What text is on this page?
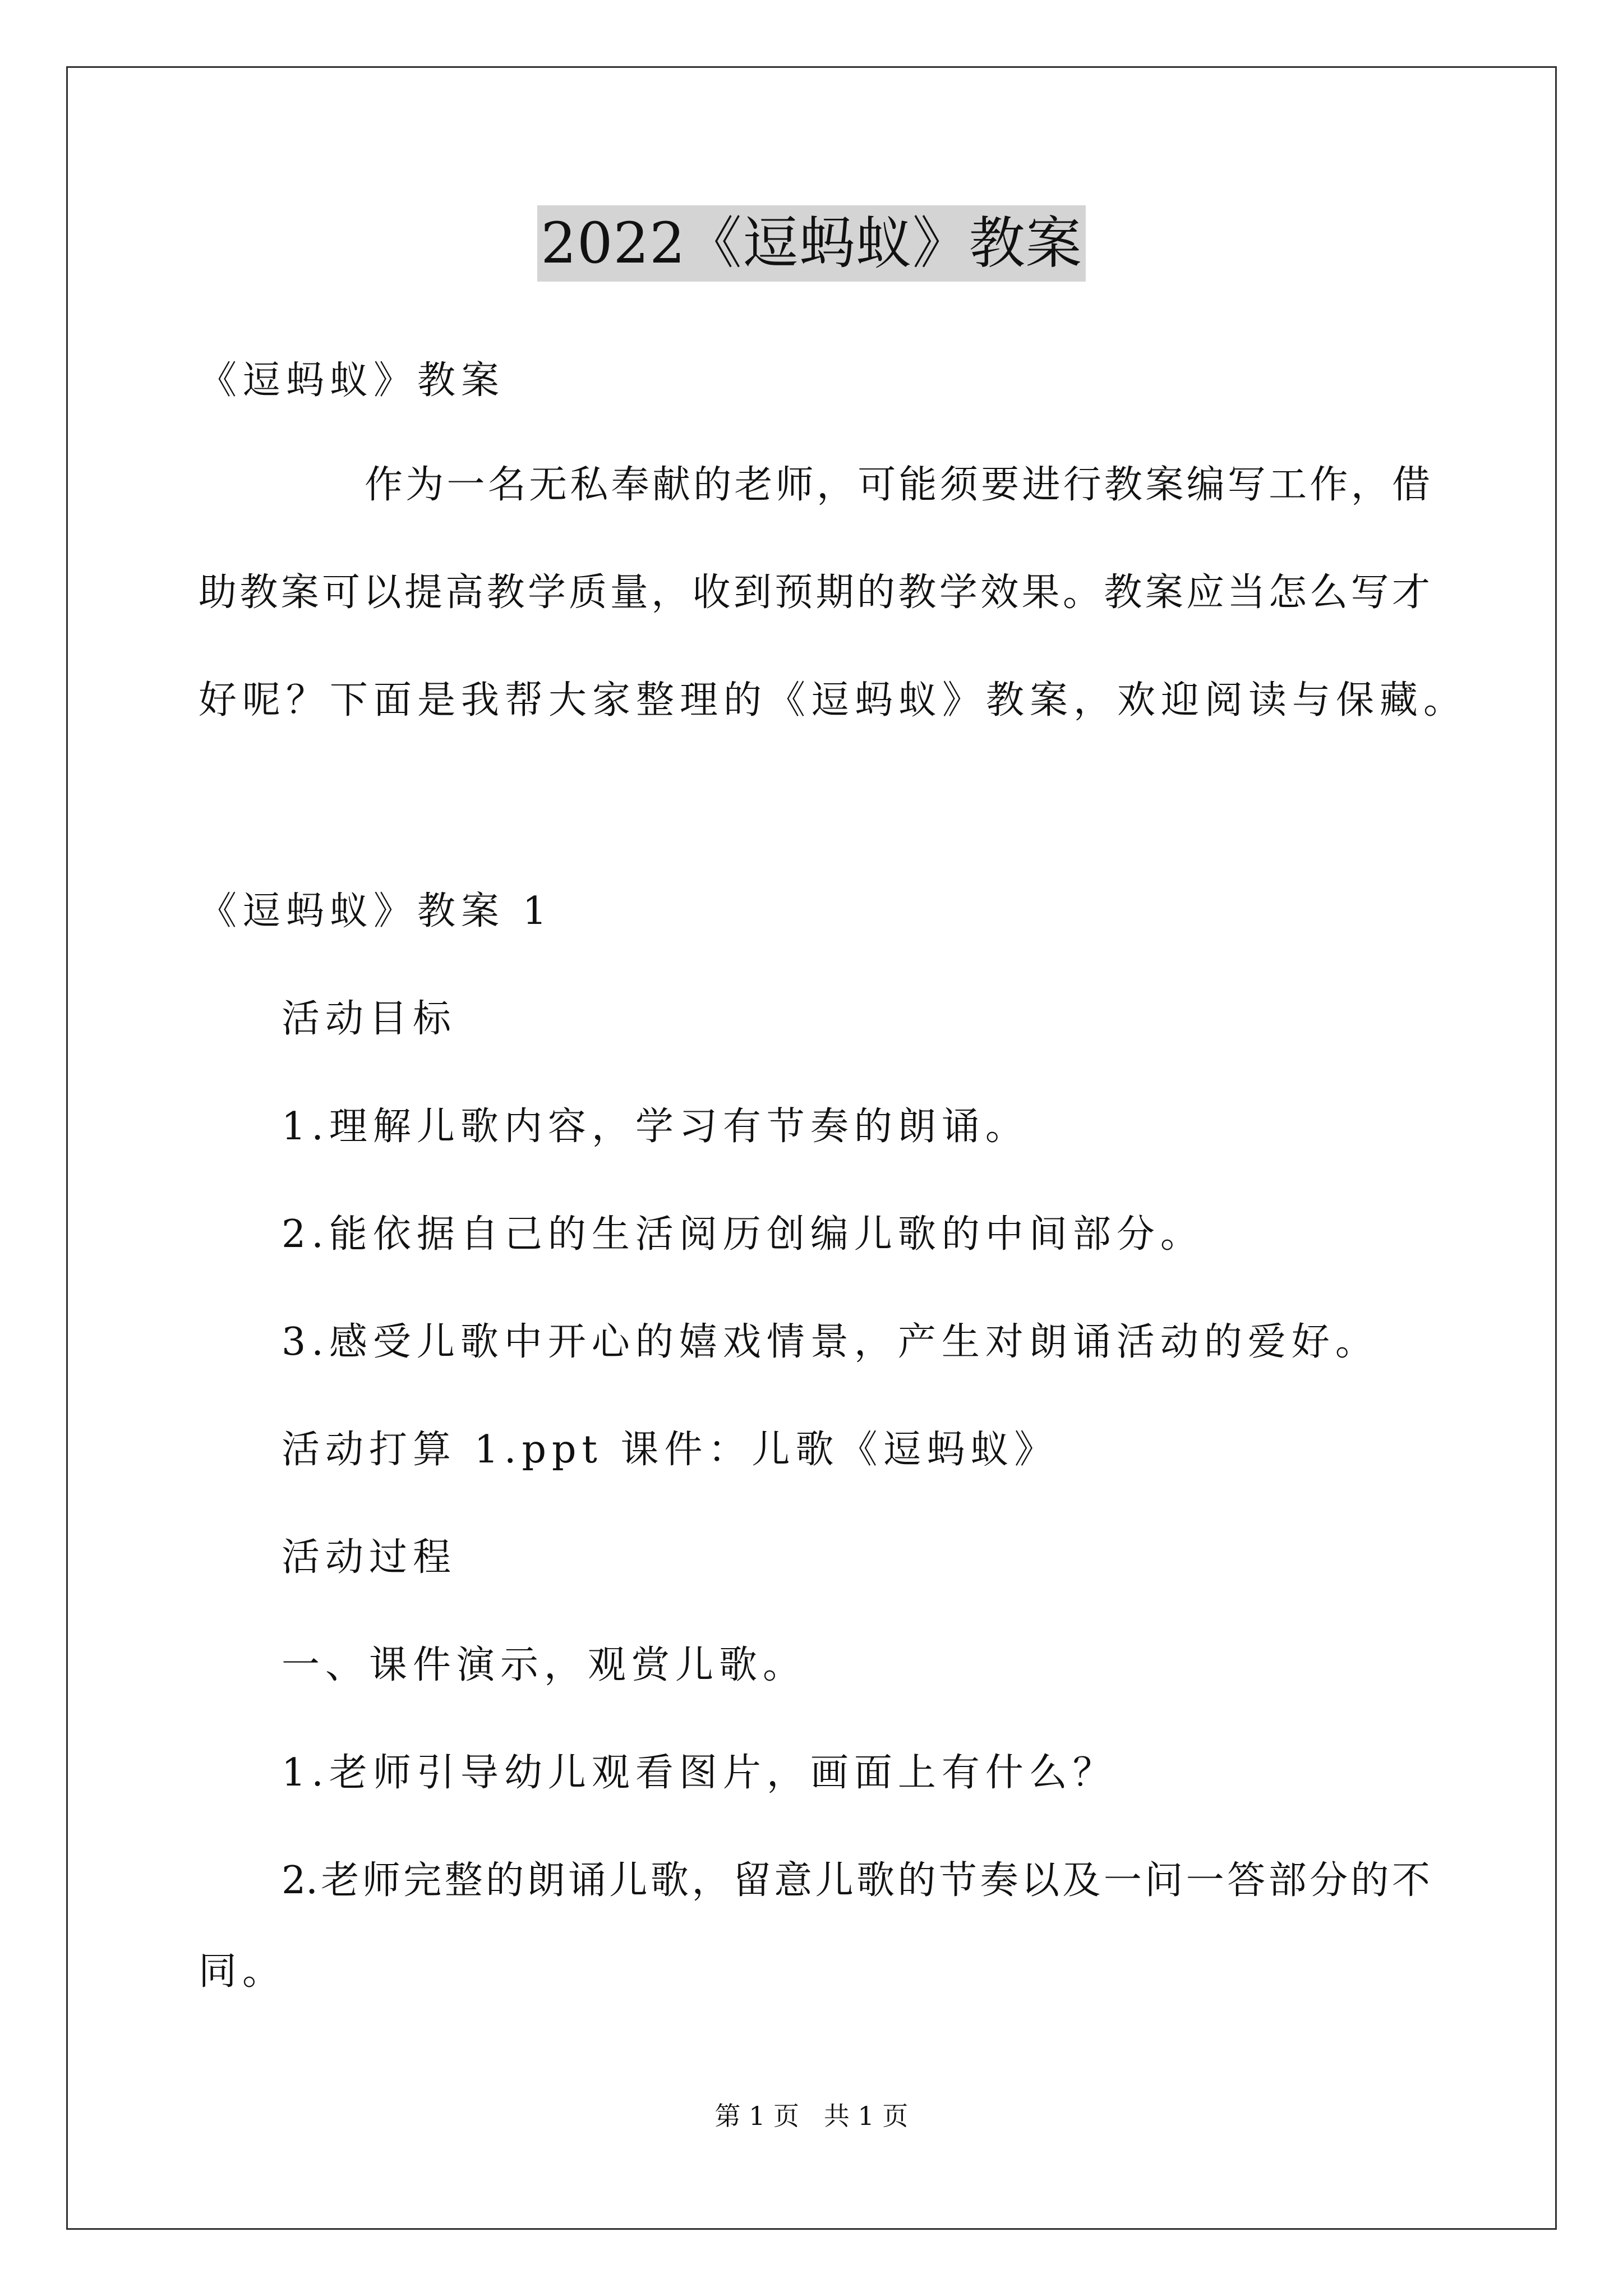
2022《逗蚂蚁》教案
《逗蚂蚁》教案
作为一名无私奉献的老师，可能须要进行教案编写工作，借
助教案可以提高教学质量，收到预期的教学效果。教案应当怎么写才
好呢？下面是我帮大家整理的《逗蚂蚁》教案，欢迎阅读与保藏。
《逗蚂蚁》教案 1
活动目标
1.理解儿歌内容，学习有节奏的朗诵。
2.能依据自己的生活阅历创编儿歌的中间部分。
3.感受儿歌中开心的嬉戏情景，产生对朗诵活动的爱好。
活动打算 1.ppt 课件：儿歌《逗蚂蚁》
活动过程
一、课件演示，观赏儿歌。
1.老师引导幼儿观看图片，画面上有什么？
2.老师完整的朗诵儿歌，留意儿歌的节奏以及一问一答部分的不
同。
第 1 页   共 1 页
